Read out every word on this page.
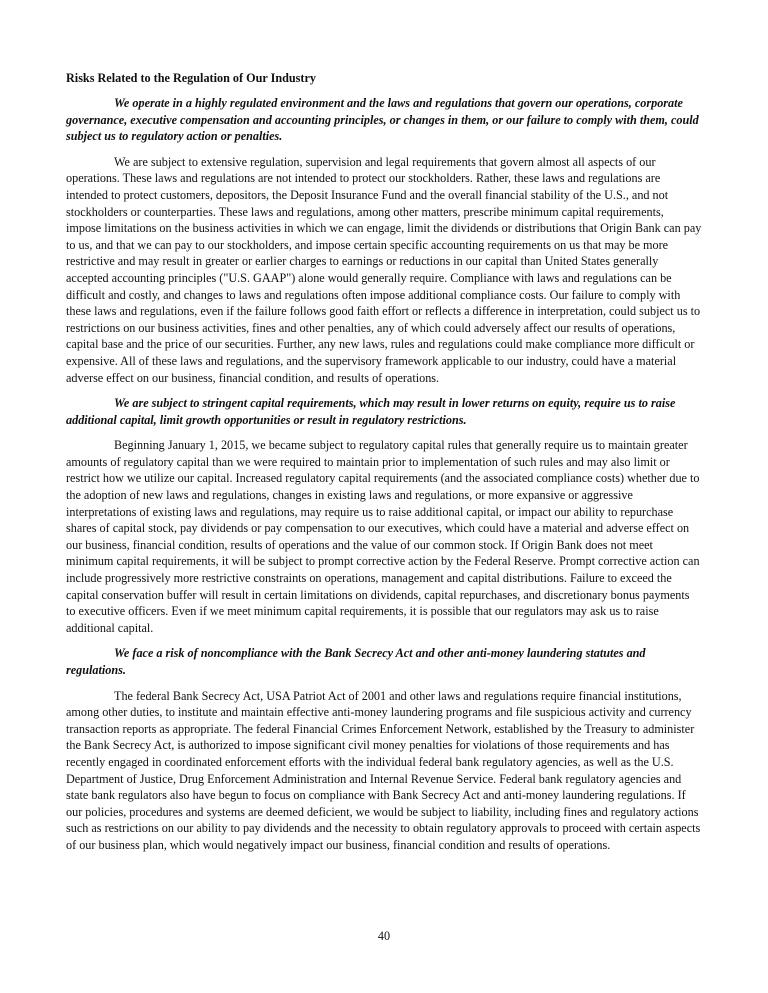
Risks Related to the Regulation of Our Industry
We operate in a highly regulated environment and the laws and regulations that govern our operations, corporate governance, executive compensation and accounting principles, or changes in them, or our failure to comply with them, could subject us to regulatory action or penalties.
We are subject to extensive regulation, supervision and legal requirements that govern almost all aspects of our operations. These laws and regulations are not intended to protect our stockholders. Rather, these laws and regulations are intended to protect customers, depositors, the Deposit Insurance Fund and the overall financial stability of the U.S., and not stockholders or counterparties. These laws and regulations, among other matters, prescribe minimum capital requirements, impose limitations on the business activities in which we can engage, limit the dividends or distributions that Origin Bank can pay to us, and that we can pay to our stockholders, and impose certain specific accounting requirements on us that may be more restrictive and may result in greater or earlier charges to earnings or reductions in our capital than United States generally accepted accounting principles ("U.S. GAAP") alone would generally require. Compliance with laws and regulations can be difficult and costly, and changes to laws and regulations often impose additional compliance costs. Our failure to comply with these laws and regulations, even if the failure follows good faith effort or reflects a difference in interpretation, could subject us to restrictions on our business activities, fines and other penalties, any of which could adversely affect our results of operations, capital base and the price of our securities. Further, any new laws, rules and regulations could make compliance more difficult or expensive. All of these laws and regulations, and the supervisory framework applicable to our industry, could have a material adverse effect on our business, financial condition, and results of operations.
We are subject to stringent capital requirements, which may result in lower returns on equity, require us to raise additional capital, limit growth opportunities or result in regulatory restrictions.
Beginning January 1, 2015, we became subject to regulatory capital rules that generally require us to maintain greater amounts of regulatory capital than we were required to maintain prior to implementation of such rules and may also limit or restrict how we utilize our capital. Increased regulatory capital requirements (and the associated compliance costs) whether due to the adoption of new laws and regulations, changes in existing laws and regulations, or more expansive or aggressive interpretations of existing laws and regulations, may require us to raise additional capital, or impact our ability to repurchase shares of capital stock, pay dividends or pay compensation to our executives, which could have a material and adverse effect on our business, financial condition, results of operations and the value of our common stock. If Origin Bank does not meet minimum capital requirements, it will be subject to prompt corrective action by the Federal Reserve. Prompt corrective action can include progressively more restrictive constraints on operations, management and capital distributions. Failure to exceed the capital conservation buffer will result in certain limitations on dividends, capital repurchases, and discretionary bonus payments to executive officers. Even if we meet minimum capital requirements, it is possible that our regulators may ask us to raise additional capital.
We face a risk of noncompliance with the Bank Secrecy Act and other anti-money laundering statutes and regulations.
The federal Bank Secrecy Act, USA Patriot Act of 2001 and other laws and regulations require financial institutions, among other duties, to institute and maintain effective anti-money laundering programs and file suspicious activity and currency transaction reports as appropriate. The federal Financial Crimes Enforcement Network, established by the Treasury to administer the Bank Secrecy Act, is authorized to impose significant civil money penalties for violations of those requirements and has recently engaged in coordinated enforcement efforts with the individual federal bank regulatory agencies, as well as the U.S. Department of Justice, Drug Enforcement Administration and Internal Revenue Service. Federal bank regulatory agencies and state bank regulators also have begun to focus on compliance with Bank Secrecy Act and anti-money laundering regulations. If our policies, procedures and systems are deemed deficient, we would be subject to liability, including fines and regulatory actions such as restrictions on our ability to pay dividends and the necessity to obtain regulatory approvals to proceed with certain aspects of our business plan, which would negatively impact our business, financial condition and results of operations.
40
